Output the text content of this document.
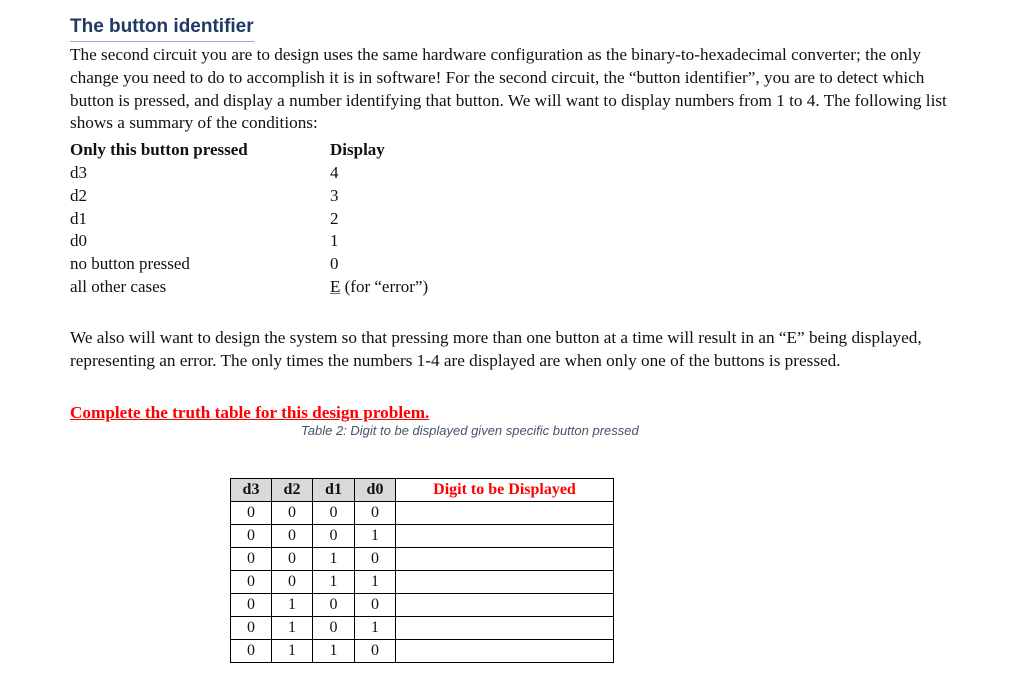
The button identifier

The second circuit you are to design uses the same hardware configuration as the binary-to-hexadecimal converter; the only change you need to do to accomplish it is in software! For the second circuit, the “button identifier”, you are to detect which button is pressed, and display a number identifying that button. We will want to display numbers from 1 to 4. The following list shows a summary of the conditions:

Only this button pressed	Display
d3	4
d2	3
d1	2
d0	1
no button pressed	0
all other cases	E (for “error”)

We also will want to design the system so that pressing more than one button at a time will result in an “E” being displayed, representing an error. The only times the numbers 1-4 are displayed are when only one of the buttons is pressed.

Complete the truth table for this design problem.

Table 2: Digit to be displayed given specific button pressed

d3	d2	d1	d0	Digit to be Displayed
0	0	0	0	
0	0	0	1	
0	0	1	0	
0	0	1	1	
0	1	0	0	
0	1	0	1	
0	1	1	0	
